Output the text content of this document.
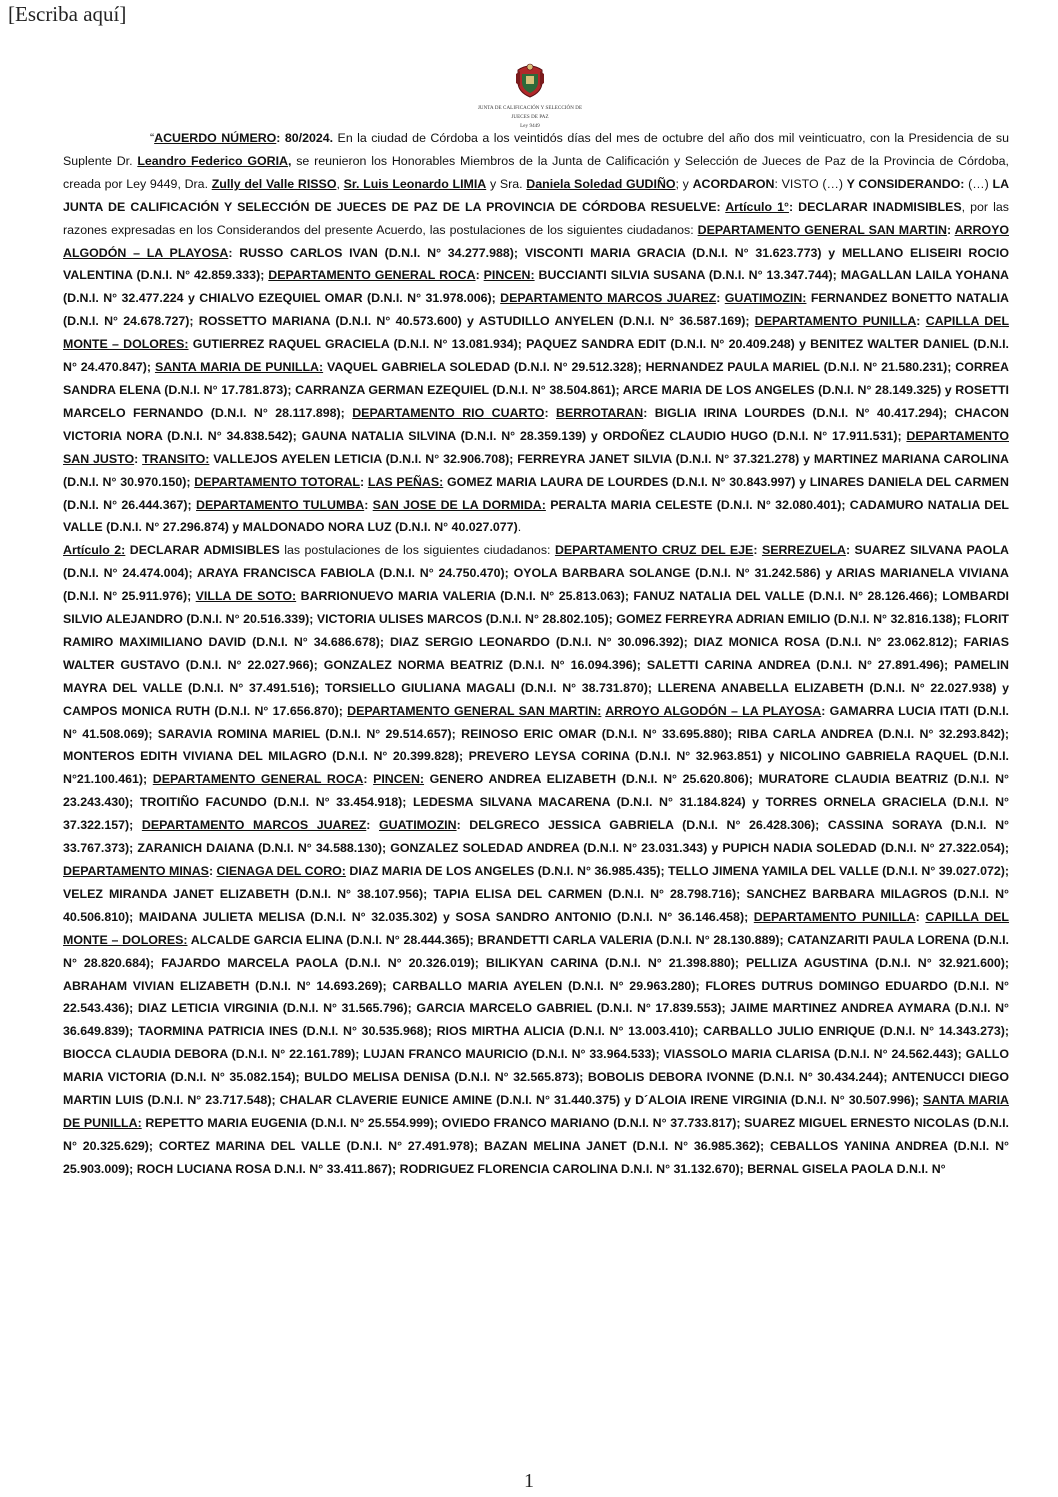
[Escriba aquí]
JUNTA DE CALIFICACIÓN Y SELECCIÓN DE
JUECES DE PAZ
Ley 9449

“ACUERDO NÚMERO: 80/2024. En la ciudad de Córdoba a los veintidós días del mes de octubre del año dos mil veinticuatro, con la Presidencia de su Suplente Dr. Leandro Federico GORIA, se reunieron los Honorables Miembros de la Junta de Calificación y Selección de Jueces de Paz de la Provincia de Córdoba, creada por Ley 9449, Dra. Zully del Valle RISSO, Sr. Luis Leonardo LIMIA y Sra. Daniela Soledad GUDIÑO; y ACORDARON: VISTO (…) Y CONSIDERANDO: (…) LA JUNTA DE CALIFICACIÓN Y SELECCIÓN DE JUECES DE PAZ DE LA PROVINCIA DE CÓRDOBA RESUELVE: Artículo 1°: DECLARAR INADMISIBLES, por las razones expresadas en los Considerandos del presente Acuerdo, las postulaciones de los siguientes ciudadanos: DEPARTAMENTO GENERAL SAN MARTIN: ARROYO ALGODÓN – LA PLAYOSA: RUSSO CARLOS IVAN (D.N.I. N° 34.277.988); VISCONTI MARIA GRACIA (D.N.I. N° 31.623.773) y MELLANO ELISEIRI ROCIO VALENTINA (D.N.I. N° 42.859.333); DEPARTAMENTO GENERAL ROCA: PINCEN: BUCCIANTI SILVIA SUSANA (D.N.I. N° 13.347.744); MAGALLAN LAILA YOHANA (D.N.I. N° 32.477.224 y CHIALVO EZEQUIEL OMAR (D.N.I. N° 31.978.006); DEPARTAMENTO MARCOS JUAREZ: GUATIMOZIN: FERNANDEZ BONETTO NATALIA (D.N.I. N° 24.678.727); ROSSETTO MARIANA (D.N.I. N° 40.573.600) y ASTUDILLO ANYELEN (D.N.I. N° 36.587.169); DEPARTAMENTO PUNILLA: CAPILLA DEL MONTE – DOLORES: GUTIERREZ RAQUEL GRACIELA (D.N.I. N° 13.081.934); PAQUEZ SANDRA EDIT (D.N.I. N° 20.409.248) y BENITEZ WALTER DANIEL (D.N.I. N° 24.470.847); SANTA MARIA DE PUNILLA: VAQUEL GABRIELA SOLEDAD (D.N.I. N° 29.512.328); HERNANDEZ PAULA MARIEL (D.N.I. N° 21.580.231); CORREA SANDRA ELENA (D.N.I. N° 17.781.873); CARRANZA GERMAN EZEQUIEL (D.N.I. N° 38.504.861); ARCE MARIA DE LOS ANGELES (D.N.I. N° 28.149.325) y ROSETTI MARCELO FERNANDO (D.N.I. N° 28.117.898); DEPARTAMENTO RIO CUARTO: BERROTARAN: BIGLIA IRINA LOURDES (D.N.I. N° 40.417.294); CHACON VICTORIA NORA (D.N.I. N° 34.838.542); GAUNA NATALIA SILVINA (D.N.I. N° 28.359.139) y ORDOÑEZ CLAUDIO HUGO (D.N.I. N° 17.911.531); DEPARTAMENTO SAN JUSTO: TRANSITO: VALLEJOS AYELEN LETICIA (D.N.I. N° 32.906.708); FERREYRA JANET SILVIA (D.N.I. N° 37.321.278) y MARTINEZ MARIANA CAROLINA (D.N.I. N° 30.970.150); DEPARTAMENTO TOTORAL: LAS PEÑAS: GOMEZ MARIA LAURA DE LOURDES (D.N.I. N° 30.843.997) y LINARES DANIELA DEL CARMEN (D.N.I. N° 26.444.367); DEPARTAMENTO TULUMBA: SAN JOSE DE LA DORMIDA: PERALTA MARIA CELESTE (D.N.I. N° 32.080.401); CADAMURO NATALIA DEL VALLE (D.N.I. N° 27.296.874) y MALDONADO NORA LUZ (D.N.I. N° 40.027.077).

Artículo 2: DECLARAR ADMISIBLES las postulaciones de los siguientes ciudadanos: DEPARTAMENTO CRUZ DEL EJE: SERREZUELA: SUAREZ SILVANA PAOLA (D.N.I. N° 24.474.004); ARAYA FRANCISCA FABIOLA (D.N.I. N° 24.750.470); OYOLA BARBARA SOLANGE (D.N.I. N° 31.242.586) y ARIAS MARIANELA VIVIANA (D.N.I. N° 25.911.976); VILLA DE SOTO: BARRIONUEVO MARIA VALERIA (D.N.I. N° 25.813.063); FANUZ NATALIA DEL VALLE (D.N.I. N° 28.126.466); LOMBARDI SILVIO ALEJANDRO (D.N.I. N° 20.516.339); VICTORIA ULISES MARCOS (D.N.I. N° 28.802.105); GOMEZ FERREYRA ADRIAN EMILIO (D.N.I. N° 32.816.138); FLORIT RAMIRO MAXIMILIANO DAVID (D.N.I. N° 34.686.678); DIAZ SERGIO LEONARDO (D.N.I. N° 30.096.392); DIAZ MONICA ROSA (D.N.I. N° 23.062.812); FARIAS WALTER GUSTAVO (D.N.I. N° 22.027.966); GONZALEZ NORMA BEATRIZ (D.N.I. N° 16.094.396); SALETTI CARINA ANDREA (D.N.I. N° 27.891.496); PAMELIN MAYRA DEL VALLE (D.N.I. N° 37.491.516); TORSIELLO GIULIANA MAGALI (D.N.I. N° 38.731.870); LLERENA ANABELLA ELIZABETH (D.N.I. N° 22.027.938) y CAMPOS MONICA RUTH (D.N.I. N° 17.656.870); DEPARTAMENTO GENERAL SAN MARTIN: ARROYO ALGODÓN – LA PLAYOSA: GAMARRA LUCIA ITATI (D.N.I. N° 41.508.069); SARAVIA ROMINA MARIEL (D.N.I. N° 29.514.657); REINOSO ERIC OMAR (D.N.I. N° 33.695.880); RIBA CARLA ANDREA (D.N.I. N° 32.293.842); MONTEROS EDITH VIVIANA DEL MILAGRO (D.N.I. N° 20.399.828); PREVERO LEYSA CORINA (D.N.I. N° 32.963.851) y NICOLINO GABRIELA RAQUEL (D.N.I. N°21.100.461); DEPARTAMENTO GENERAL ROCA: PINCEN: GENERO ANDREA ELIZABETH (D.N.I. N° 25.620.806); MURATORE CLAUDIA BEATRIZ (D.N.I. N° 23.243.430); TROITIÑO FACUNDO (D.N.I. N° 33.454.918); LEDESMA SILVANA MACARENA (D.N.I. N° 31.184.824) y TORRES ORNELA GRACIELA (D.N.I. N° 37.322.157); DEPARTAMENTO MARCOS JUAREZ: GUATIMOZIN: DELGRECO JESSICA GABRIELA (D.N.I. N° 26.428.306); CASSINA SORAYA (D.N.I. N° 33.767.373); ZARANICH DAIANA (D.N.I. N° 34.588.130); GONZALEZ SOLEDAD ANDREA (D.N.I. N° 23.031.343) y PUPICH NADIA SOLEDAD (D.N.I. N° 27.322.054); DEPARTAMENTO MINAS: CIENAGA DEL CORO: DIAZ MARIA DE LOS ANGELES (D.N.I. N° 36.985.435); TELLO JIMENA YAMILA DEL VALLE (D.N.I. N° 39.027.072); VELEZ MIRANDA JANET ELIZABETH (D.N.I. N° 38.107.956); TAPIA ELISA DEL CARMEN (D.N.I. N° 28.798.716); SANCHEZ BARBARA MILAGROS (D.N.I. N° 40.506.810); MAIDANA JULIETA MELISA (D.N.I. N° 32.035.302) y SOSA SANDRO ANTONIO (D.N.I. N° 36.146.458); DEPARTAMENTO PUNILLA: CAPILLA DEL MONTE – DOLORES: ALCALDE GARCIA ELINA (D.N.I. N° 28.444.365); BRANDETTI CARLA VALERIA (D.N.I. N° 28.130.889); CATANZARITI PAULA LORENA (D.N.I. N° 28.820.684); FAJARDO MARCELA PAOLA (D.N.I. N° 20.326.019); BILIKYAN CARINA (D.N.I. N° 21.398.880); PELLIZA AGUSTINA (D.N.I. N° 32.921.600); ABRAHAM VIVIAN ELIZABETH (D.N.I. N° 14.693.269); CARBALLO MARIA AYELEN (D.N.I. N° 29.963.280); FLORES DUTRUS DOMINGO EDUARDO (D.N.I. N° 22.543.436); DIAZ LETICIA VIRGINIA (D.N.I. N° 31.565.796); GARCIA MARCELO GABRIEL (D.N.I. N° 17.839.553); JAIME MARTINEZ ANDREA AYMARA (D.N.I. N° 36.649.839); TAORMINA PATRICIA INES (D.N.I. N° 30.535.968); RIOS MIRTHA ALICIA (D.N.I. N° 13.003.410); CARBALLO JULIO ENRIQUE (D.N.I. N° 14.343.273); BIOCCA CLAUDIA DEBORA (D.N.I. N° 22.161.789); LUJAN FRANCO MAURICIO (D.N.I. N° 33.964.533); VIASSOLO MARIA CLARISA (D.N.I. N° 24.562.443); GALLO MARIA VICTORIA (D.N.I. N° 35.082.154); BULDO MELISA DENISA (D.N.I. N° 32.565.873); BOBOLIS DEBORA IVONNE (D.N.I. N° 30.434.244); ANTENUCCI DIEGO MARTIN LUIS (D.N.I. N° 23.717.548); CHALAR CLAVERIE EUNICE AMINE (D.N.I. N° 31.440.375) y D´ALOIA IRENE VIRGINIA (D.N.I. N° 30.507.996); SANTA MARIA DE PUNILLA: REPETTO MARIA EUGENIA (D.N.I. N° 25.554.999); OVIEDO FRANCO MARIANO (D.N.I. N° 37.733.817); SUAREZ MIGUEL ERNESTO NICOLAS (D.N.I. N° 20.325.629); CORTEZ MARINA DEL VALLE (D.N.I. N° 27.491.978); BAZAN MELINA JANET (D.N.I. N° 36.985.362); CEBALLOS YANINA ANDREA (D.N.I. N° 25.903.009); ROCH LUCIANA ROSA D.N.I. N° 33.411.867); RODRIGUEZ FLORENCIA CAROLINA D.N.I. N° 31.132.670); BERNAL GISELA PAOLA D.N.I. N°

1
